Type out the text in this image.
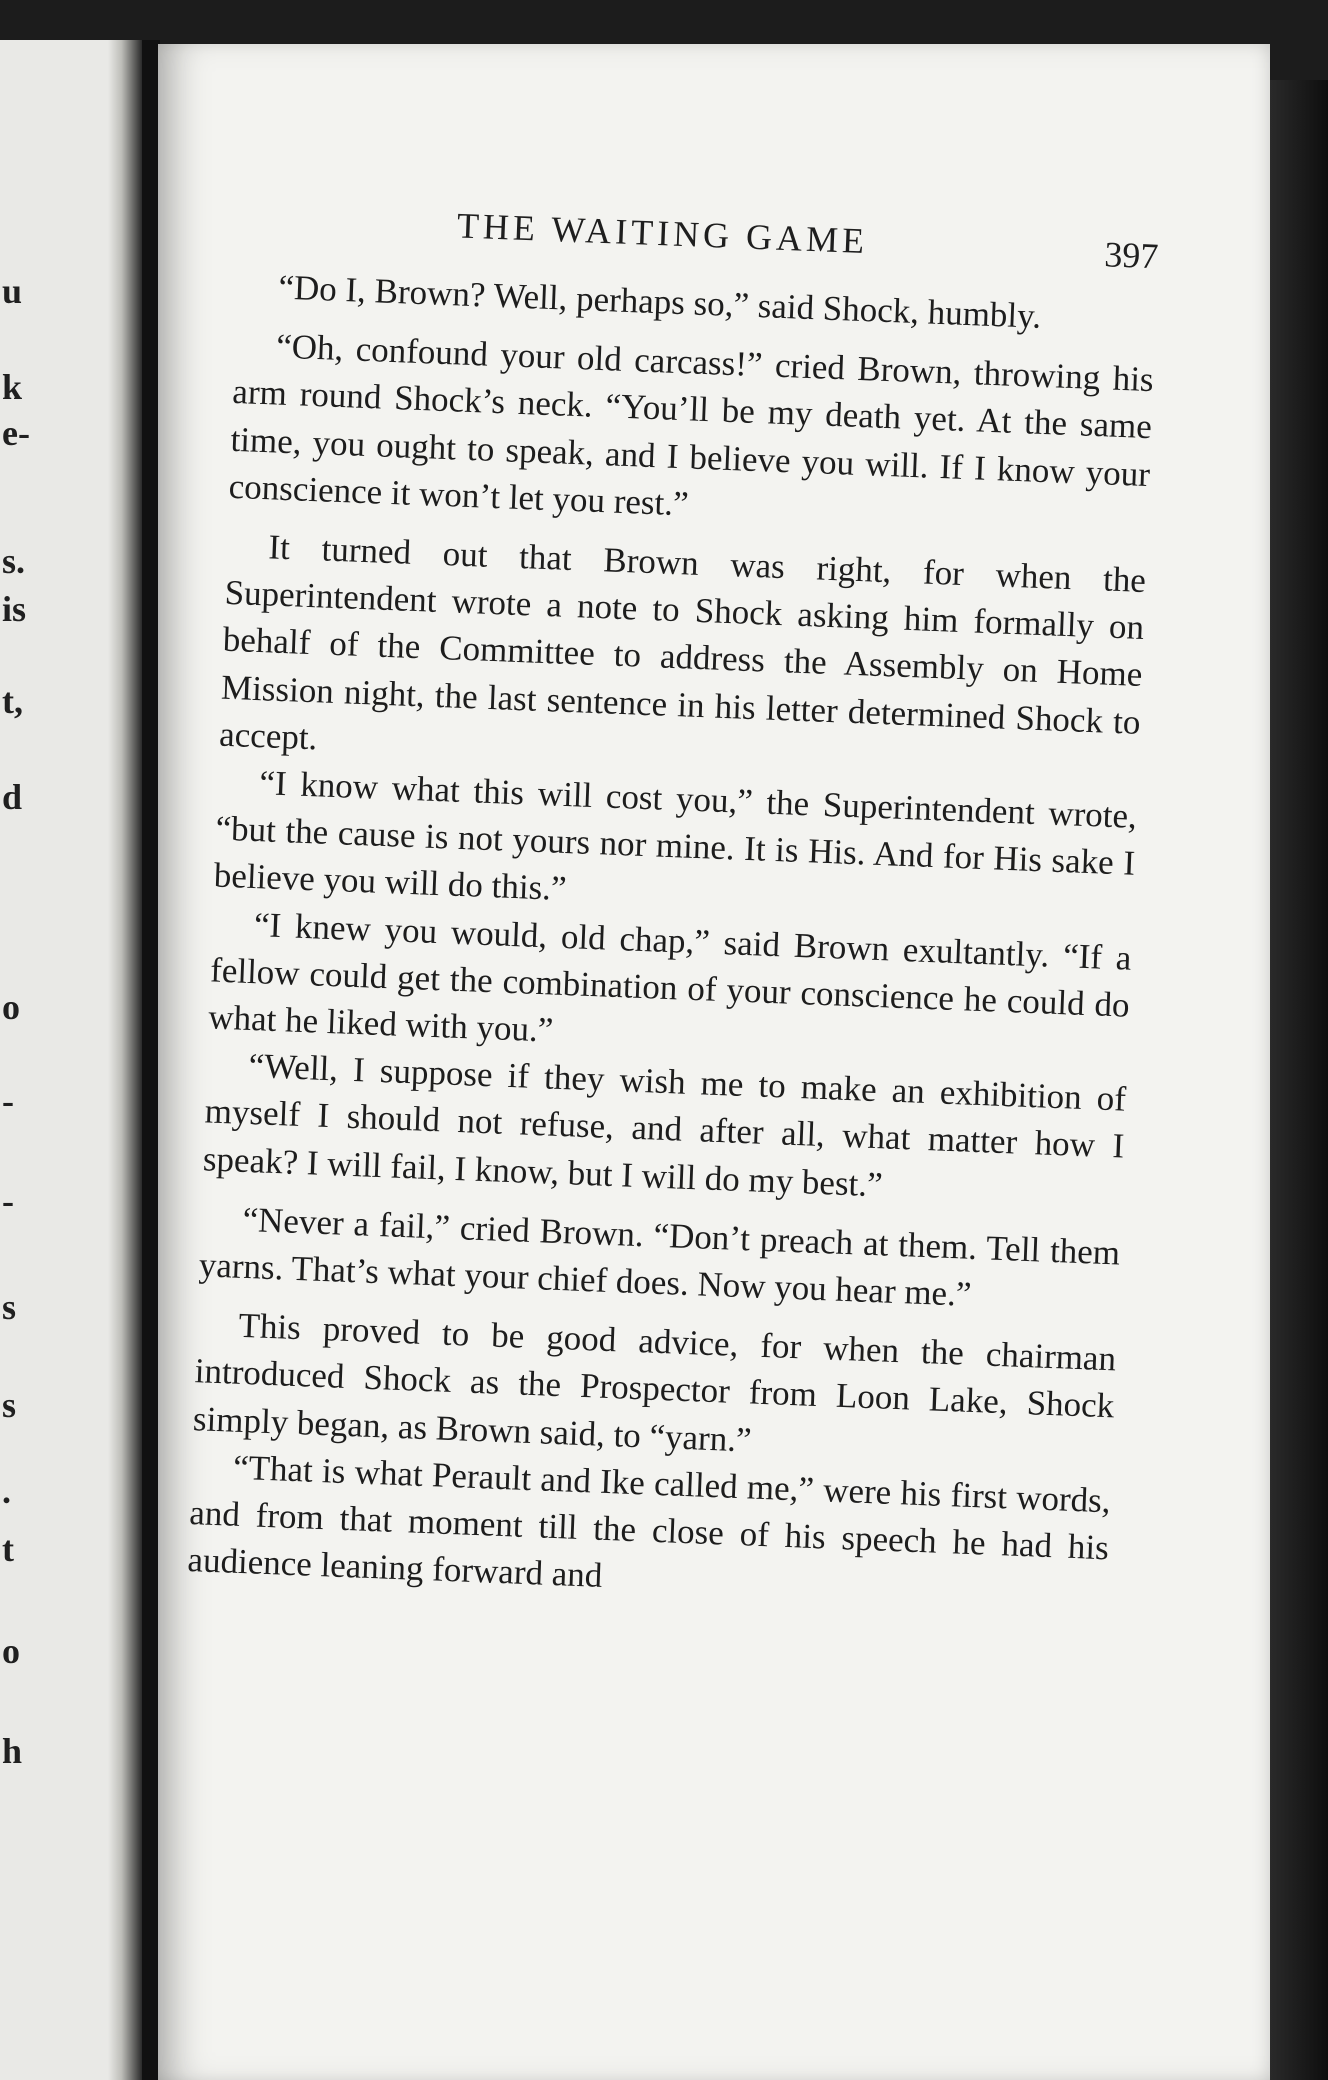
u
k
e-
s.
is
t,
d
o
-
-
s
s
.
t
o
h
THE WAITING GAME	397

“Do I, Brown? Well, perhaps so,” said Shock, humbly.

“Oh, confound your old carcass!” cried Brown, throwing his arm round Shock’s neck. “You’ll be my death yet. At the same time, you ought to speak, and I believe you will. If I know your conscience it won’t let you rest.”

It turned out that Brown was right, for when the Superintendent wrote a note to Shock asking him formally on behalf of the Committee to address the Assembly on Home Mission night, the last sentence in his letter determined Shock to accept.

“I know what this will cost you,” the Superintendent wrote, “but the cause is not yours nor mine. It is His. And for His sake I believe you will do this.”

“I knew you would, old chap,” said Brown exultantly. “If a fellow could get the combination of your conscience he could do what he liked with you.”

“Well, I suppose if they wish me to make an exhibition of myself I should not refuse, and after all, what matter how I speak? I will fail, I know, but I will do my best.”

“Never a fail,” cried Brown. “Don’t preach at them. Tell them yarns. That’s what your chief does. Now you hear me.”

This proved to be good advice, for when the chairman introduced Shock as the Prospector from Loon Lake, Shock simply began, as Brown said, to “yarn.”

“That is what Perault and Ike called me,” were his first words, and from that moment till the close of his speech he had his audience leaning forward and
